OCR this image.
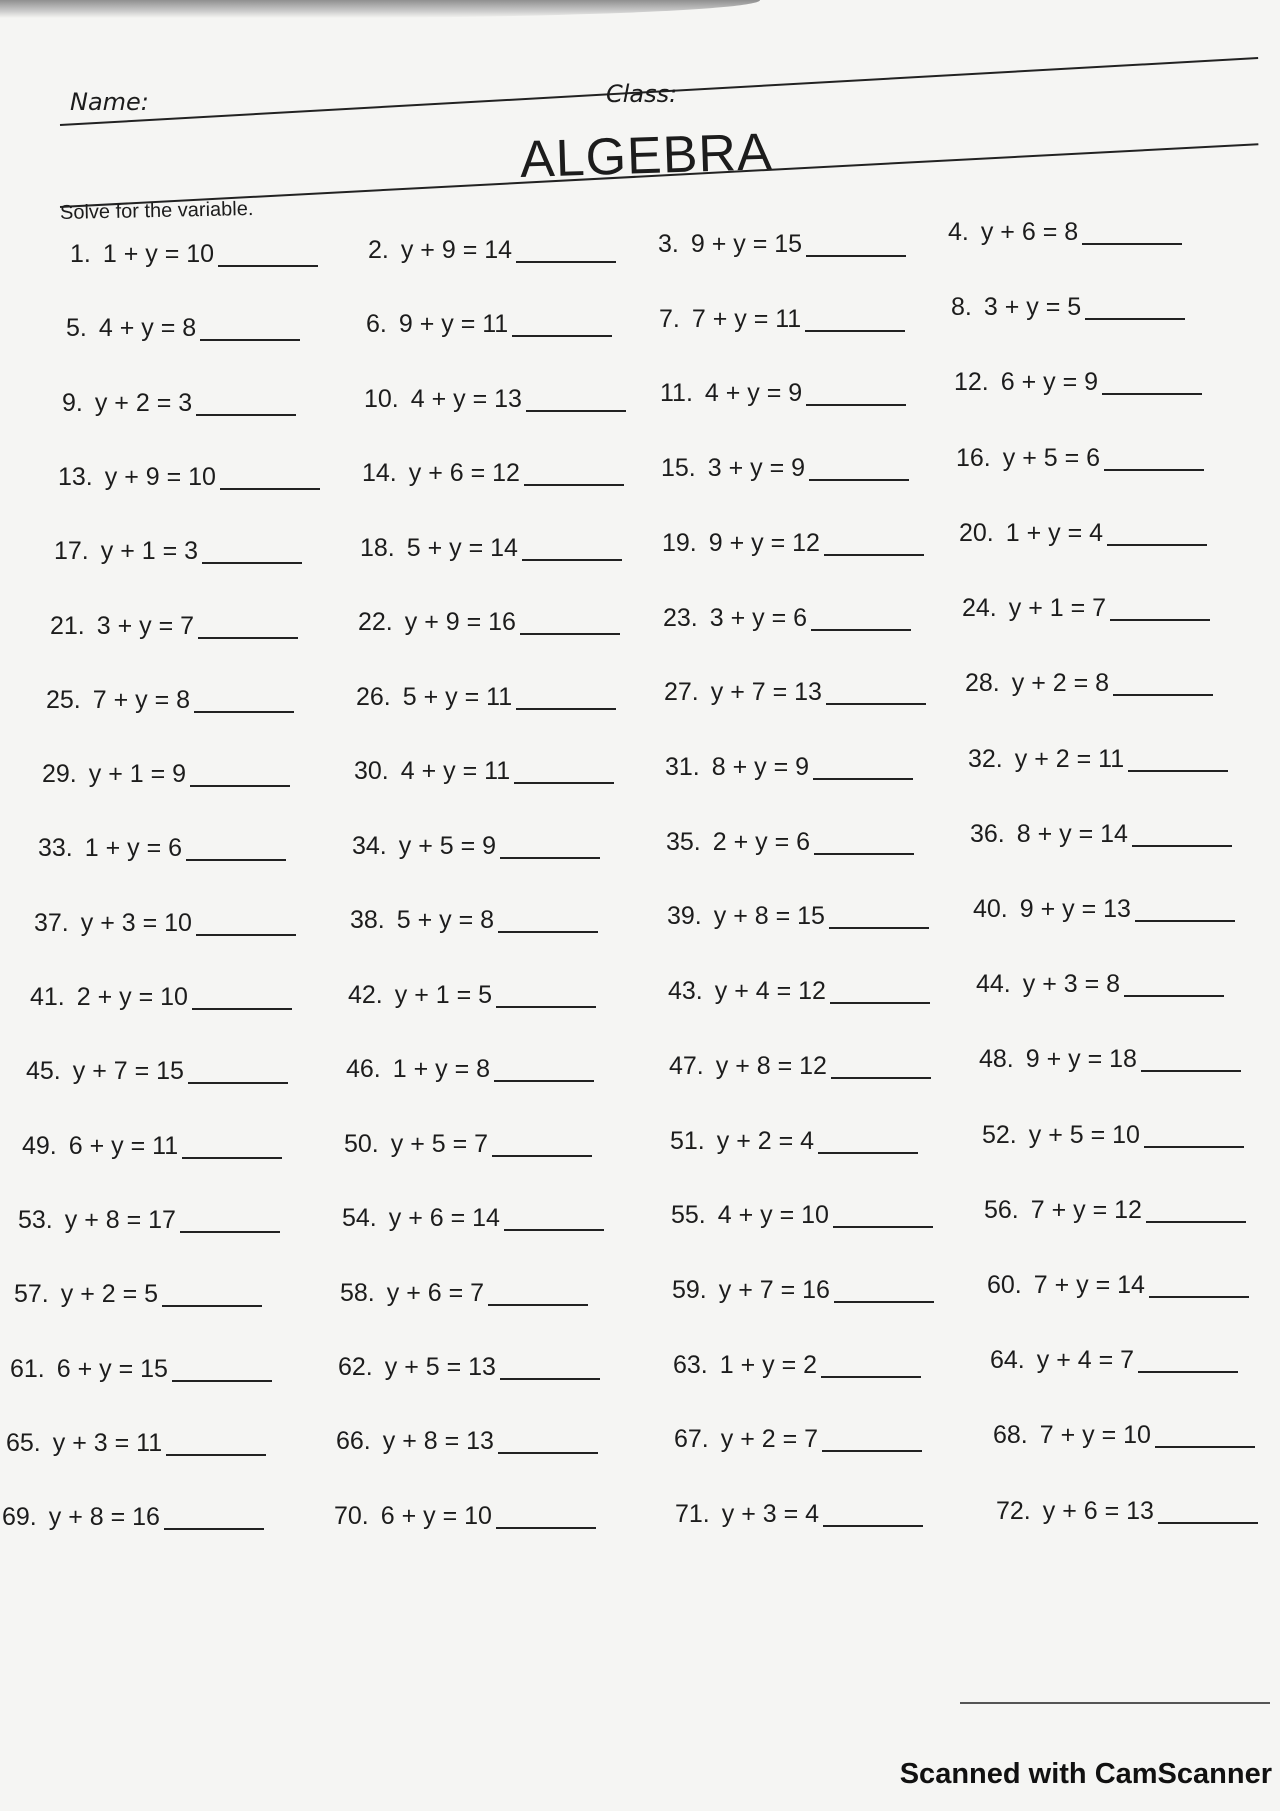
Name:	Class:
ALGEBRA
Solve for the variable.
1. 1 + y = 10	2. y + 9 = 14	3. 9 + y = 15	4. y + 6 = 8
5. 4 + y = 8	6. 9 + y = 11	7. 7 + y = 11	8. 3 + y = 5
9. y + 2 = 3	10. 4 + y = 13	11. 4 + y = 9	12. 6 + y = 9
13. y + 9 = 10	14. y + 6 = 12	15. 3 + y = 9	16. y + 5 = 6
17. y + 1 = 3	18. 5 + y = 14	19. 9 + y = 12	20. 1 + y = 4
21. 3 + y = 7	22. y + 9 = 16	23. 3 + y = 6	24. y + 1 = 7
25. 7 + y = 8	26. 5 + y = 11	27. y + 7 = 13	28. y + 2 = 8
29. y + 1 = 9	30. 4 + y = 11	31. 8 + y = 9	32. y + 2 = 11
33. 1 + y = 6	34. y + 5 = 9	35. 2 + y = 6	36. 8 + y = 14
37. y + 3 = 10	38. 5 + y = 8	39. y + 8 = 15	40. 9 + y = 13
41. 2 + y = 10	42. y + 1 = 5	43. y + 4 = 12	44. y + 3 = 8
45. y + 7 = 15	46. 1 + y = 8	47. y + 8 = 12	48. 9 + y = 18
49. 6 + y = 11	50. y + 5 = 7	51. y + 2 = 4	52. y + 5 = 10
53. y + 8 = 17	54. y + 6 = 14	55. 4 + y = 10	56. 7 + y = 12
57. y + 2 = 5	58. y + 6 = 7	59. y + 7 = 16	60. 7 + y = 14
61. 6 + y = 15	62. y + 5 = 13	63. 1 + y = 2	64. y + 4 = 7
65. y + 3 = 11	66. y + 8 = 13	67. y + 2 = 7	68. 7 + y = 10
69. y + 8 = 16	70. 6 + y = 10	71. y + 3 = 4	72. y + 6 = 13
Scanned with CamScanner
